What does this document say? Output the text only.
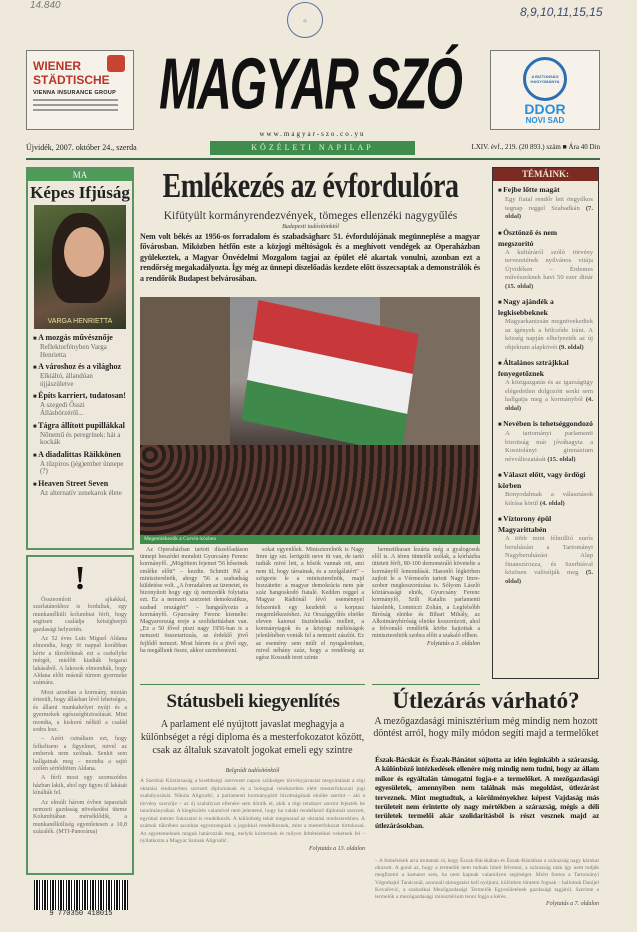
14.840
◎
8,9,10,11,15,15
WIENER
STÄDTISCHE
VIENNA INSURANCE GROUP MAGYAR SZÓ	A BIZTONSÁG HAGYOMÁNYA
DDOR
NOVI SAD
www.magyar-szo.co.yu
Újvidék, 2007. október 24., szerda	KÖZÉLETI NAPILAP	LXIV. évf., 219. (20 893.) szám ■ Ára 40 Din
MA
Képes Ifjúság
VARGA HENRIETTA
■ A mozgás művésznője
Reflektorfényben Varga Henrietta
■ A városhoz és a világhoz
Elkiáltó, állandóan újjászületve
■ Építs karriert, tudatosan!
A szegedi Ősszi Állásbörzéről...
■ Tágra állított pupillákkal
Nőnemű és peregrinek: hát a kockák
■ A diadalittas Räikkönen
A tűzpiros (jég)ember ünnepe (?)
■ Heaven Street Seven
Az alternatív zenekarok élete
!

Összeomlott ajkakkal, szarlatánokhoz is fordultak, egy munkanélküli kolumbiai férfi, hogy segítsen családja kétségbeejtő gazdasági helyzetén.

Az 52 éves Luis Miguel Aldana elmondta, hogy öt nappal korábban kérte a tűzoltóknak ezt a csekélyke mérgét, mielőtt kiadták bogarai lakásából. A lakosok elmondták, hogy Aldana előtt másnál túrnon gyermeke számára.

Most azonban a kormány, miután értesült, hogy állásban lévő lehetséges, és állami munkahelyet nyújt és a gyermekek egészségbiztosítását. Mint mondta, a kiskorú nélkül a család sodra lesz.

– Azért csináltam ezt, hogy felkeltsem a figyelmet, mivel az emberek nem szólnak. Senkit sem hallgatnak meg – mondta a sajtó szélén sértődötten Aldana.

A férfi most egy szomszédos házban lakik, ahol egy ügyes ül lakását kínálták fel.

Az elmúlt három évben tapasztalt nemzeti gazdaság növekedési üteme Kolumbiában mérséklődik, a munkanélküliség egyenletesen a 10,8 százalék. (MTI-Panoráma)

9 770350 418015
Emlékezés az évfordulóra
Kifütyült kormányrendezvények, tömeges ellenzéki nagygyűlés
Budapesti tudósítónktól
Nem volt békés az 1956-os forradalom és szabadságharc 51. évfordulójának megünneplése a magyar fővárosban. Miközben hétfőn este a közjogi méltóságok és a meghívott vendégek az Operaházban gyülekeztek, a Magyar Önvédelmi Mozgalom tagjai az épület elé akartak vonulni, azonban ezt a rendőrség megakadályozta. Így még az ünnepi díszelőadás kezdete előtt összecsaptak a demonstrálók és a rendőrök Budapest belvárosában.
Megemlékezők a Corvin-közben

Az Operaházban tartott díszelőadáson ünnepi beszédet mondott Gyurcsány Ferenc kormányfő. „Mögöttem fejemet '56 hőseinek emléke előtt” – kezdte. Schmitt Pál a miniszterelnök, ahogy '56 a szabadság küldetése volt. „A forradalom az üzenetet, és bizonyított hogy egy új nemzedék folytatta ezt. Ez a nemzeti szerzetet demokratikus, szabad országért” – hangsúlyozta a kormányfő. Gyurcsány Ferenc kiemelte: Magyarország ereje a szolidaritásban van. „Ez a 50 fővel piszt nagy 1956-ban is a nemzeti összetartozás, az érdeklő jövő fejlődő nemzet. Most három és a jövő egy, ha megállunk össze, akkor szembenézni.

sokat egyenlőek. Miniszterelnök is Nagy Imre így szt. lerögzíti neve itt van, de tartó tudták mivé lett, a hősök vannak ott, ami nem ül, hogy társainak, és a szolgálatért” – szögezte le a miniszterelnök, majd hozzátette: a magyar demokrácia nem pár száz hangoskodó fiatalé. Kedden reggel a Magyar Rádiónál lévő eseménnyel felszentelt egy kezdetét a korpusz megemlékezéshez. Az Országgyűlés elnöke eleven katonai tiszteletadás mellett, a kormánytagok és a közjogi méltóságok jelenlétében vonták fel a nemzeti zászlót. Ez az esemény sem múlt el nyugalomban, mivel néhány száz, hogy a rendőrség az egész Kossuth teret szinte

hermetikusan lezárta még a gyalogosok elől is. A téren tüntetők szólak, a kórházba üttetett férfi, 80-100 demonstráló követelte a kormányfő lemondását. Hasonló légkörben zajlott le a Vérmezőn tartott Nagy Imre-szobor megkoszorúzása is. Sólyom László köztársasági elnök, Gyurcsány Ferenc kormányfő, Szili Katalin parlamenti házelnök, Lomniczi Zoltán, a Legfelsőbb Bíróság elnöke és Bihari Mihály, az Alkotmánybíróság elnöke koszorúzott, ahol a felvonuló rendőrök körbe hajtottak a miniszterelnök szobra előtt a szakaló ellben.

Folytatás a 3. oldalon
TÉMÁINK:
■ Fejbe lőtte magát
Egy fiatal rendőr lett öngyilkos tegnap reggel Szabadkán (7. oldal)
■ Ösztönző és nem megszorító
A kultúráról szóló törvény tervezetének nyilvános vitája Újvidéken – Érdemes művészeknek havi 50 ezer dinár (15. oldal)
■ Nagy ajándék a legkisebbeknek
Magyarkanizsán megnövekedtek az igények a bölcsőde iránt. A község napján elhelyezték az új objektum alapkövét (9. oldal)
■ Általános sztrájkkal fenyegetőznek
A közigazgatás és az igazságügy elégedetlen dolgozóit senki sem hallgatja meg a kormányból (4. oldal)
■ Nevében is tehetséggondozó
A tartományi parlamenti bizottság már jóváhagyta a Kosztolányi gimnázium névváltozatását (15. oldal)
■ Választ előtt, vagy ördögi körben
Bonyodalmak a választások kiírása körül (4. oldal)
■ Víztorony épül Magyarittabén
A több mint félmillió eurós beruházást a Tartományi Nagyberuházási Alap finanszírozza, és Szerbiával közösen valósítják meg (5. oldal)
Státusbeli kiegyenlítés
A parlament elé nyújtott javaslat meghagyja a különbséget a régi diploma és a mesterfokozatot között, csak az általuk szavatolt jogokat emeli egy szintre
Belgrádi tudósítónktól

A Szerbiai Köztársaság a kisebbségi szervezet napon szükséges törvényjavaslat megvitatását a régi oktatási rendszerben szerzett diplomának és a bolognai rendszerben elért mesterfokozati jogi szabályozását. Nikola Aligrudić, a parlamenti kormánypárti bizottságának elnöke szerint – aki a törvény szerzője – az új szabályzat ellenére sem döntik el, akik a régi rendszer szerint fejezték be tanulmányaikat. A kiegészítés valamivel nem jelentené, hogy ha valaki rendelkező diplomát szerzett, egyúttal mester fokozatot is rendelkezik. A különbség tehát megmarad az oktatási rendszerekben. A számok tükrében azonban egyenrangúak a jogokkal rendelkeznek, mint a mesterfokozat birtokosai. Az egyetemeknek maguk határozzák meg, melyik kórtermek és milyen feltételekkel vehetnek fel – nyilatkozta a Magyar Szónak Aligrudić.

Folytatás a 13. oldalon
Útlezárás várható?
A mezőgazdasági minisztérium még mindig nem hozott döntést arról, hogy mily módon segíti majd a termelőket
Észak-Bácskát és Észak-Bánátot sújtotta az idén leginkább a szárazság. A különböző intézkedések ellenére még mindig nem tudni, hogy az állam mikor és egyáltalán támogatni fogja-e a termelőket. A mezőgazdasági egyesületek, amennyiben nem találnak más megoldást, útlezárást terveznek. Mint megtudtuk, a körülményekhez képest Vajdaság más területeit nem érintette oly nagy mértékben a szárazság, mégis a déli területek termelői akár szolidaritásból is részt vesznek majd az útlezárásokban.

– A felmérések arra mutattak rá, hogy Észak-Bácskában és Észak-Bánátban a szárazság nagy károkat okozott. A gond az, hogy a termelők nem tudnak hitelt felvenni, a szárazság után így nem tudják megfizetni a kamatot sem, ha nem kapnak valamilyen segítséget. Miért fontos a Tartományi Végrehajtó Tanácsnál, azonnali támogatást kell nyújtani, különben tüntetni fognak – hallottuk Danijel Kovačević, a szabadkai Mezőgazdasági Termelők Egyesületének gazdasági tagjától. Szerinte a termelők a mezőgazdasági minisztérium tenni fogja a kérés.

Folytatás a 7. oldalon
